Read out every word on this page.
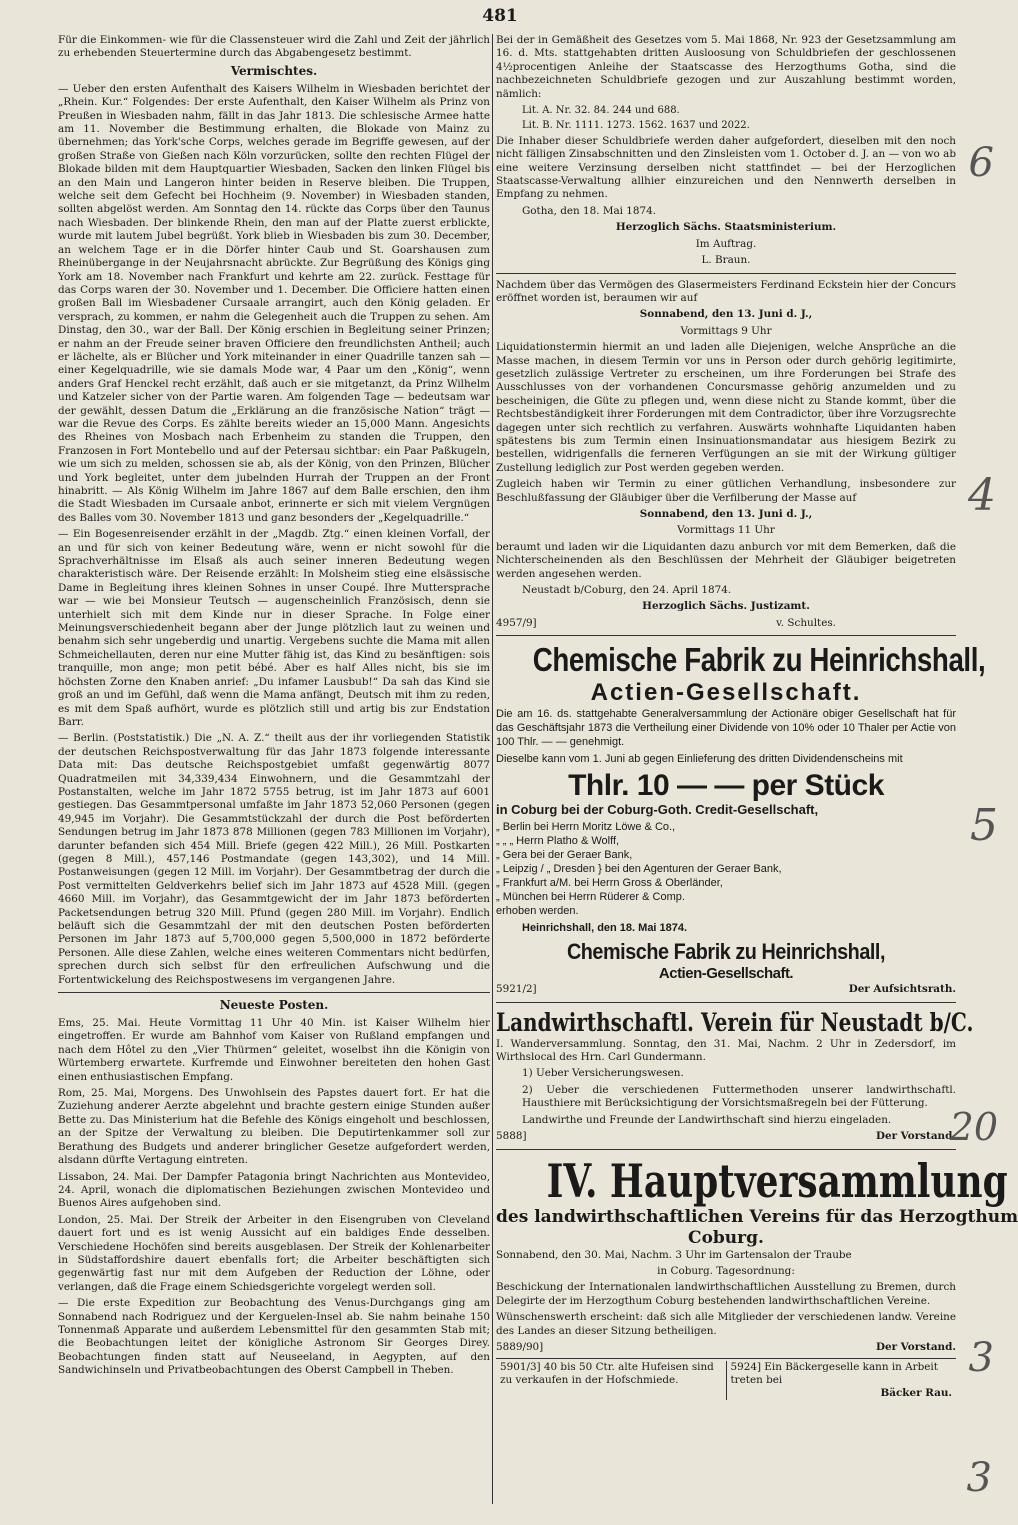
481

Für die Einkommen- wie für die Classensteuer wird die Zahl und Zeit der jährlich zu erhebenden Steuertermine durch das Abgabengesetz bestimmt.

Vermischtes.

— Ueber den ersten Aufenthalt des Kaisers Wilhelm in Wiesbaden berichtet der „Rhein. Kur.“ Folgendes: Der erste Aufenthalt, den Kaiser Wilhelm als Prinz von Preußen in Wiesbaden nahm, fällt in das Jahr 1813. Die schlesische Armee hatte am 11. November die Bestimmung erhalten, die Blokade von Mainz zu übernehmen; das York'sche Corps, welches gerade im Begriffe gewesen, auf der großen Straße von Gießen nach Köln vorzurücken, sollte den rechten Flügel der Blokade bilden mit dem Hauptquartier Wiesbaden, Sacken den linken Flügel bis an den Main und Langeron hinter beiden in Reserve bleiben. Die Truppen, welche seit dem Gefecht bei Hochheim (9. November) in Wiesbaden standen, sollten abgelöst werden. Am Sonntag den 14. rückte das Corps über den Taunus nach Wiesbaden. Der blinkende Rhein, den man auf der Platte zuerst erblickte, wurde mit lautem Jubel begrüßt. York blieb in Wiesbaden bis zum 30. December, an welchem Tage er in die Dörfer hinter Caub und St. Goarshausen zum Rheinübergange in der Neujahrsnacht abrückte. Zur Begrüßung des Königs ging York am 18. November nach Frankfurt und kehrte am 22. zurück. Festtage für das Corps waren der 30. November und 1. December. Die Officiere hatten einen großen Ball im Wiesbadener Cursaale arrangirt, auch den König geladen. Er versprach, zu kommen, er nahm die Gelegenheit auch die Truppen zu sehen. Am Dinstag, den 30., war der Ball. Der König erschien in Begleitung seiner Prinzen; er nahm an der Freude seiner braven Officiere den freundlichsten Antheil; auch er lächelte, als er Blücher und York miteinander in einer Quadrille tanzen sah — einer Kegelquadrille, wie sie damals Mode war, 4 Paar um den „König“, wenn anders Graf Henckel recht erzählt, daß auch er sie mitgetanzt, da Prinz Wilhelm und Katzeler sicher von der Partie waren. Am folgenden Tage — bedeutsam war der gewählt, dessen Datum die „Erklärung an die französische Nation“ trägt — war die Revue des Corps. Es zählte bereits wieder an 15,000 Mann. Angesichts des Rheines von Mosbach nach Erbenheim zu standen die Truppen, den Franzosen in Fort Montebello und auf der Petersau sichtbar: ein Paar Paßkugeln, wie um sich zu melden, schossen sie ab, als der König, von den Prinzen, Blücher und York begleitet, unter dem jubelnden Hurrah der Truppen an der Front hinabritt. — Als König Wilhelm im Jahre 1867 auf dem Balle erschien, den ihm die Stadt Wiesbaden im Cursaale anbot, erinnerte er sich mit vielem Vergnügen des Balles vom 30. November 1813 und ganz besonders der „Kegelquadrille.“

— Ein Bogesenreisender erzählt in der „Magdb. Ztg.“ einen kleinen Vorfall, der an und für sich von keiner Bedeutung wäre, wenn er nicht sowohl für die Sprachverhältnisse im Elsaß als auch seiner inneren Bedeutung wegen charakteristisch wäre. Der Reisende erzählt: In Molsheim stieg eine elsässische Dame in Begleitung ihres kleinen Sohnes in unser Coupé. Ihre Muttersprache war — wie bei Monsieur Teutsch — augenscheinlich Französisch, denn sie unterhielt sich mit dem Kinde nur in dieser Sprache. In Folge einer Meinungsverschiedenheit begann aber der Junge plötzlich laut zu weinen und benahm sich sehr ungeberdig und unartig. Vergebens suchte die Mama mit allen Schmeichellauten, deren nur eine Mutter fähig ist, das Kind zu besänftigen: sois tranquille, mon ange; mon petit bébé. Aber es half Alles nicht, bis sie im höchsten Zorne den Knaben anrief: „Du infamer Lausbub!“ Da sah das Kind sie groß an und im Gefühl, daß wenn die Mama anfängt, Deutsch mit ihm zu reden, es mit dem Spaß aufhört, wurde es plötzlich still und artig bis zur Endstation Barr.

— Berlin. (Poststatistik.) Die „N. A. Z.“ theilt aus der ihr vorliegenden Statistik der deutschen Reichspostverwaltung für das Jahr 1873 folgende interessante Data mit: Das deutsche Reichspostgebiet umfaßt gegenwärtig 8077 Quadratmeilen mit 34,339,434 Einwohnern, und die Gesammtzahl der Postanstalten, welche im Jahr 1872 5755 betrug, ist im Jahr 1873 auf 6001 gestiegen. Das Gesammtpersonal umfaßte im Jahr 1873 52,060 Personen (gegen 49,945 im Vorjahr). Die Gesammtstückzahl der durch die Post beförderten Sendungen betrug im Jahr 1873 878 Millionen (gegen 783 Millionen im Vorjahr), darunter befanden sich 454 Mill. Briefe (gegen 422 Mill.), 26 Mill. Postkarten (gegen 8 Mill.), 457,146 Postmandate (gegen 143,302), und 14 Mill. Postanweisungen (gegen 12 Mill. im Vorjahr). Der Gesammtbetrag der durch die Post vermittelten Geldverkehrs belief sich im Jahr 1873 auf 4528 Mill. (gegen 4660 Mill. im Vorjahr), das Gesammtgewicht der im Jahr 1873 beförderten Packetsendungen betrug 320 Mill. Pfund (gegen 280 Mill. im Vorjahr). Endlich beläuft sich die Gesammtzahl der mit den deutschen Posten beförderten Personen im Jahr 1873 auf 5,700,000 gegen 5,500,000 in 1872 beförderte Personen. Alle diese Zahlen, welche eines weiteren Commentars nicht bedürfen, sprechen durch sich selbst für den erfreulichen Aufschwung und die Fortentwickelung des Reichspostwesens im vergangenen Jahre.

Neueste Posten.

Ems, 25. Mai. Heute Vormittag 11 Uhr 40 Min. ist Kaiser Wilhelm hier eingetroffen. Er wurde am Bahnhof vom Kaiser von Rußland empfangen und nach dem Hôtel zu den „Vier Thürmen“ geleitet, woselbst ihn die Königin von Würtemberg erwartete. Kurfremde und Einwohner bereiteten den hohen Gast einen enthusiastischen Empfang.

Rom, 25. Mai, Morgens. Des Unwohlsein des Papstes dauert fort. Er hat die Zuziehung anderer Aerzte abgelehnt und brachte gestern einige Stunden außer Bette zu. Das Ministerium hat die Befehle des Königs eingeholt und beschlossen, an der Spitze der Verwaltung zu bleiben. Die Deputirtenkammer soll zur Berathung des Budgets und anderer bringlicher Gesetze aufgefordert werden, alsdann dürfte Vertagung eintreten.

Lissabon, 24. Mai. Der Dampfer Patagonia bringt Nachrichten aus Montevideo, 24. April, wonach die diplomatischen Beziehungen zwischen Montevideo und Buenos Aires aufgehoben sind.

London, 25. Mai. Der Streik der Arbeiter in den Eisengruben von Cleveland dauert fort und es ist wenig Aussicht auf ein baldiges Ende desselben. Verschiedene Hochöfen sind bereits ausgeblasen. Der Streik der Kohlenarbeiter in Südstaffordshire dauert ebenfalls fort; die Arbeiter beschäftigten sich gegenwärtig fast nur mit dem Aufgeben der Reduction der Löhne, oder verlangen, daß die Frage einem Schiedsgerichte vorgelegt werden soll.

— Die erste Expedition zur Beobachtung des Venus-Durchgangs ging am Sonnabend nach Rodriguez und der Kerguelen-Insel ab. Sie nahm beinahe 150 Tonnenmaß Apparate und außerdem Lebensmittel für den gesammten Stab mit; die Beobachtungen leitet der königliche Astronom Sir Georges Direy. Beobachtungen finden statt auf Neuseeland, in Aegypten, auf den Sandwichinseln und Privatbeobachtungen des Oberst Campbell in Theben.

Bei der in Gemäßheit des Gesetzes vom 5. Mai 1868, Nr. 923 der Gesetzsammlung am 16. d. Mts. stattgehabten dritten Ausloosung von Schuldbriefen der geschlossenen 4½procentigen Anleihe der Staatscasse des Herzogthums Gotha, sind die nachbezeichneten Schuldbriefe gezogen und zur Auszahlung bestimmt worden, nämlich:

Lit. A. Nr. 32. 84. 244 und 688.

Lit. B. Nr. 1111. 1273. 1562. 1637 und 2022.

Die Inhaber dieser Schuldbriefe werden daher aufgefordert, dieselben mit den noch nicht fälligen Zinsabschnitten und den Zinsleisten vom 1. October d. J. an — von wo ab eine weitere Verzinsung derselben nicht stattfindet — bei der Herzoglichen Staatscasse-Verwaltung allhier einzureichen und den Nennwerth derselben in Empfang zu nehmen.

Gotha, den 18. Mai 1874.

Herzoglich Sächs. Staatsministerium.

Im Auftrag.

L. Braun.

Nachdem über das Vermögen des Glasermeisters Ferdinand Eckstein hier der Concurs eröffnet worden ist, beraumen wir auf

Sonnabend, den 13. Juni d. J.,

Vormittags 9 Uhr

Liquidationstermin hiermit an und laden alle Diejenigen, welche Ansprüche an die Masse machen, in diesem Termin vor uns in Person oder durch gehörig legitimirte, gesetzlich zulässige Vertreter zu erscheinen, um ihre Forderungen bei Strafe des Ausschlusses von der vorhandenen Concursmasse gehörig anzumelden und zu bescheinigen, die Güte zu pflegen und, wenn diese nicht zu Stande kommt, über die Rechtsbeständigkeit ihrer Forderungen mit dem Contradictor, über ihre Vorzugsrechte dagegen unter sich rechtlich zu verfahren. Auswärts wohnhafte Liquidanten haben spätestens bis zum Termin einen Insinuationsmandatar aus hiesigem Bezirk zu bestellen, widrigenfalls die ferneren Verfügungen an sie mit der Wirkung gültiger Zustellung lediglich zur Post werden gegeben werden.

Zugleich haben wir Termin zu einer gütlichen Verhandlung, insbesondere zur Beschlußfassung der Gläubiger über die Verfilberung der Masse auf

Sonnabend, den 13. Juni d. J.,

Vormittags 11 Uhr

beraumt und laden wir die Liquidanten dazu anburch vor mit dem Bemerken, daß die Nichterscheinenden als den Beschlüssen der Mehrheit der Gläubiger beigetreten werden angesehen werden.

Neustadt b/Coburg, den 24. April 1874.

Herzoglich Sächs. Justizamt.

4957/9]	v. Schultes.

Chemische Fabrik zu Heinrichshall,
Actien-Gesellschaft.

Die am 16. ds. stattgehabte Generalversammlung der Actionäre obiger Gesellschaft hat für das Geschäftsjahr 1873 die Vertheilung einer Dividende von 10% oder 10 Thaler per Actie von 100 Thlr. — — genehmigt.

Dieselbe kann vom 1. Juni ab gegen Einlieferung des dritten Dividendenscheins mit

Thlr. 10 — — per Stück

in Coburg bei der Coburg-Goth. Credit-Gesellschaft,

„ Berlin bei Herrn Moritz Löwe & Co.,

„ „ „ Herrn Platho & Wolff,

„ Gera bei der Geraer Bank,

„ Leipzig / „ Dresden } bei den Agenturen der Geraer Bank,

„ Frankfurt a/M. bei Herrn Gross & Oberländer,

„ München bei Herrn Rüderer & Comp.

erhoben werden.

Heinrichshall, den 18. Mai 1874.

Chemische Fabrik zu Heinrichshall,
Actien-Gesellschaft.

5921/2]	Der Aufsichtsrath.

Landwirthschaftl. Verein für Neustadt b/C.

I. Wanderversammlung. Sonntag, den 31. Mai, Nachm. 2 Uhr in Zedersdorf, im Wirthslocal des Hrn. Carl Gundermann.

1) Ueber Versicherungswesen.

2) Ueber die verschiedenen Futtermethoden unserer landwirthschaftl. Hausthiere mit Berücksichtigung der Vorsichtsmaßregeln bei der Fütterung.

Landwirthe und Freunde der Landwirthschaft sind hierzu eingeladen.

5888]	Der Vorstand.

IV. Hauptversammlung
des landwirthschaftlichen Vereins für das Herzogthum
Coburg.

Sonnabend, den 30. Mai, Nachm. 3 Uhr im Gartensalon der Traube

in Coburg. Tagesordnung:

Beschickung der Internationalen landwirthschaftlichen Ausstellung zu Bremen, durch Delegirte der im Herzogthum Coburg bestehenden landwirthschaftlichen Vereine.

Wünschenswerth erscheint: daß sich alle Mitglieder der verschiedenen landw. Vereine des Landes an dieser Sitzung betheiligen.

5889/90]	Der Vorstand.

5901/3] 40 bis 50 Ctr. alte Hufeisen sind zu verkaufen in der Hofschmiede.
5924] Ein Bäckergeselle kann in Arbeit treten bei

Bäcker Rau.
6
4
5
20
3
3
